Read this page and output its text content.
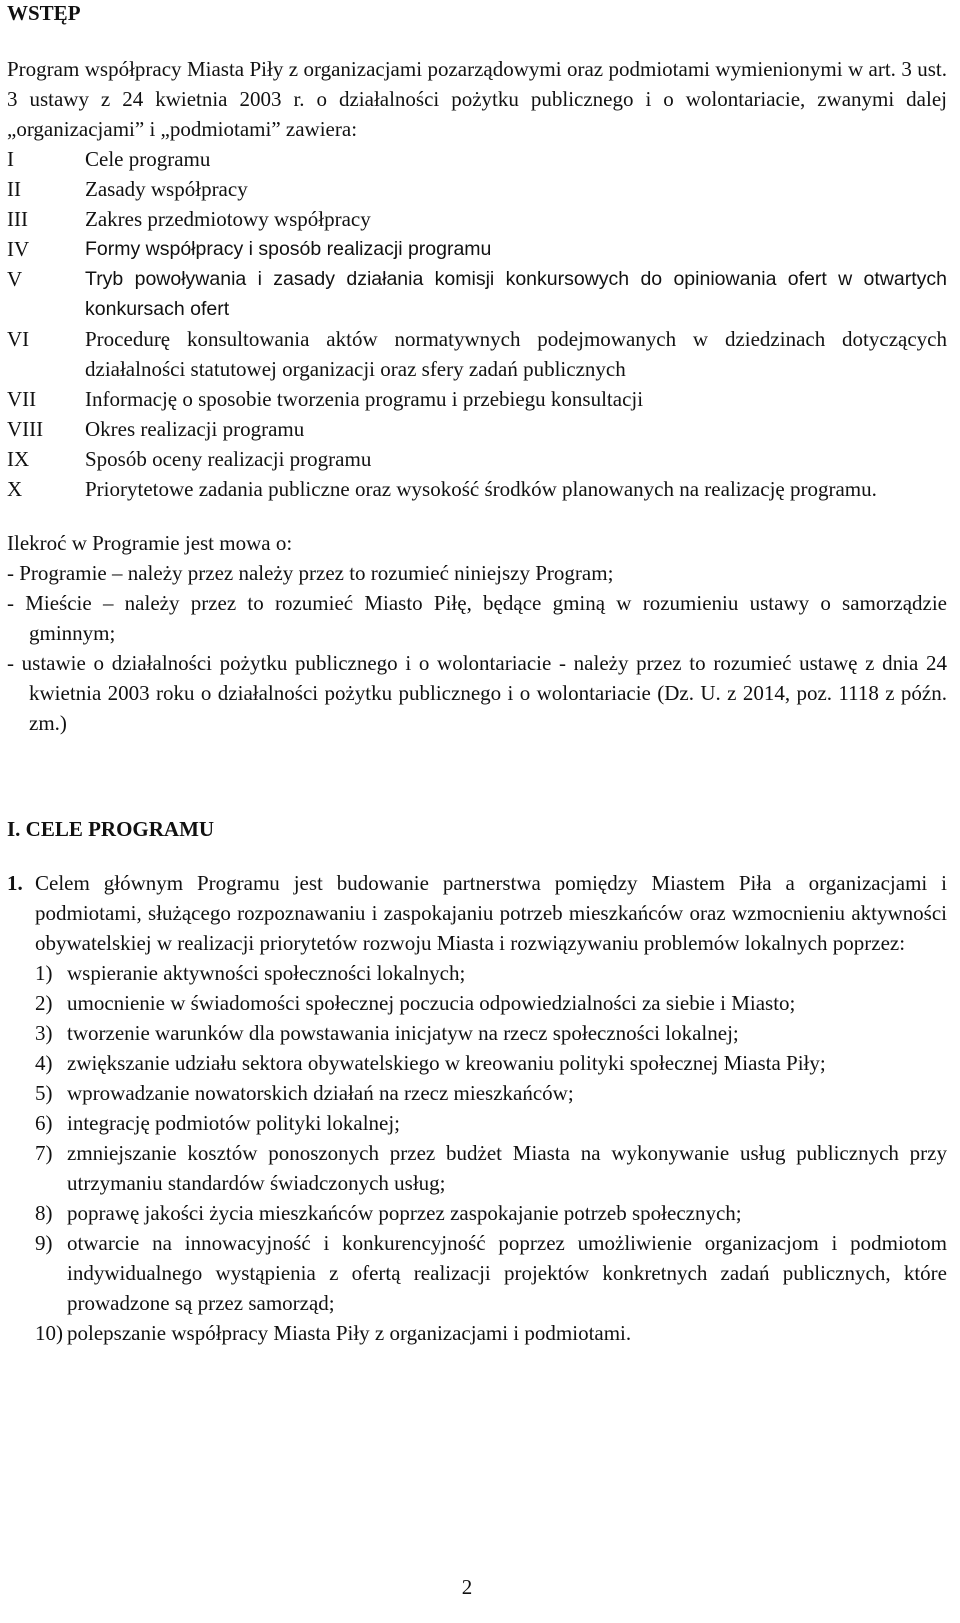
WSTĘP
Program współpracy Miasta Piły z organizacjami pozarządowymi oraz podmiotami wymienionymi w art. 3 ust. 3 ustawy z 24 kwietnia 2003 r. o działalności pożytku publicznego i o wolontariacie, zwanymi dalej „organizacjami” i „podmiotami” zawiera:
I	Cele programu
II	Zasady współpracy
III	Zakres przedmiotowy współpracy
IV	Formy współpracy i sposób realizacji programu
V	Tryb powoływania i zasady działania komisji konkursowych do opiniowania ofert w otwartych konkursach ofert
VI	Procedurę konsultowania aktów normatywnych podejmowanych w dziedzinach dotyczących działalności statutowej organizacji oraz sfery zadań publicznych
VII	Informację o sposobie tworzenia programu i przebiegu konsultacji
VIII	Okres realizacji programu
IX	Sposób oceny realizacji programu
X	Priorytetowe zadania publiczne oraz wysokość środków planowanych na realizację programu.
Ilekroć w Programie jest mowa o:
- Programie – należy przez należy przez to rozumieć niniejszy Program;
- Mieście – należy przez to rozumieć Miasto Piłę, będące gminą w rozumieniu ustawy o samorządzie gminnym;
- ustawie o działalności pożytku publicznego i o wolontariacie - należy przez to rozumieć ustawę z dnia 24 kwietnia 2003 roku o działalności pożytku publicznego i o wolontariacie (Dz. U. z 2014, poz. 1118 z późn. zm.)
I. CELE PROGRAMU
1. Celem głównym Programu jest budowanie partnerstwa pomiędzy Miastem Piła a organizacjami i podmiotami, służącego rozpoznawaniu i zaspokajaniu potrzeb mieszkańców oraz wzmocnieniu aktywności obywatelskiej w realizacji priorytetów rozwoju Miasta i rozwiązywaniu problemów lokalnych poprzez:
1) wspieranie aktywności społeczności lokalnych;
2) umocnienie w świadomości społecznej poczucia odpowiedzialności za siebie i Miasto;
3) tworzenie warunków dla powstawania inicjatyw na rzecz społeczności lokalnej;
4) zwiększanie udziału sektora obywatelskiego w kreowaniu polityki społecznej Miasta Piły;
5) wprowadzanie nowatorskich działań na rzecz mieszkańców;
6) integrację podmiotów polityki lokalnej;
7) zmniejszanie kosztów ponoszonych przez budżet Miasta na wykonywanie usług publicznych przy utrzymaniu standardów świadczonych usług;
8) poprawę jakości życia mieszkańców poprzez zaspokajanie potrzeb społecznych;
9) otwarcie na innowacyjność i konkurencyjność poprzez umożliwienie organizacjom i podmiotom indywidualnego wystąpienia z ofertą realizacji projektów konkretnych zadań publicznych, które prowadzone są przez samorząd;
10) polepszanie współpracy Miasta Piły z organizacjami i podmiotami.
2
